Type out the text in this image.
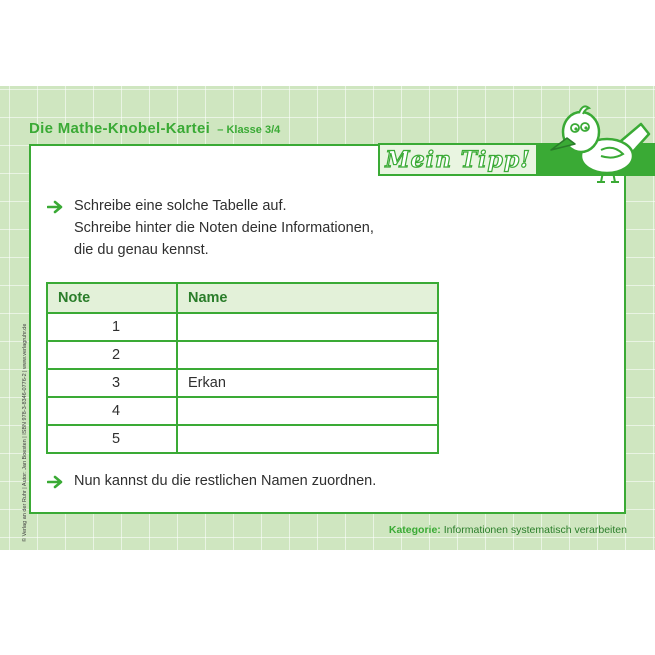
Die Mathe-Knobel-Kartei – Klasse 3/4
Mein Tipp!
Schreibe eine solche Tabelle auf.
Schreibe hinter die Noten deine Informationen,
die du genau kennst.
Note	Name
1	
2	
3	Erkan
4	
5	
Nun kannst du die restlichen Namen zuordnen.
© Verlag an der Ruhr | Autor: Jan Boesten | ISBN 978-3-8346-0776-2 | www.verlagruhr.de	Kategorie: Informationen systematisch verarbeiten
